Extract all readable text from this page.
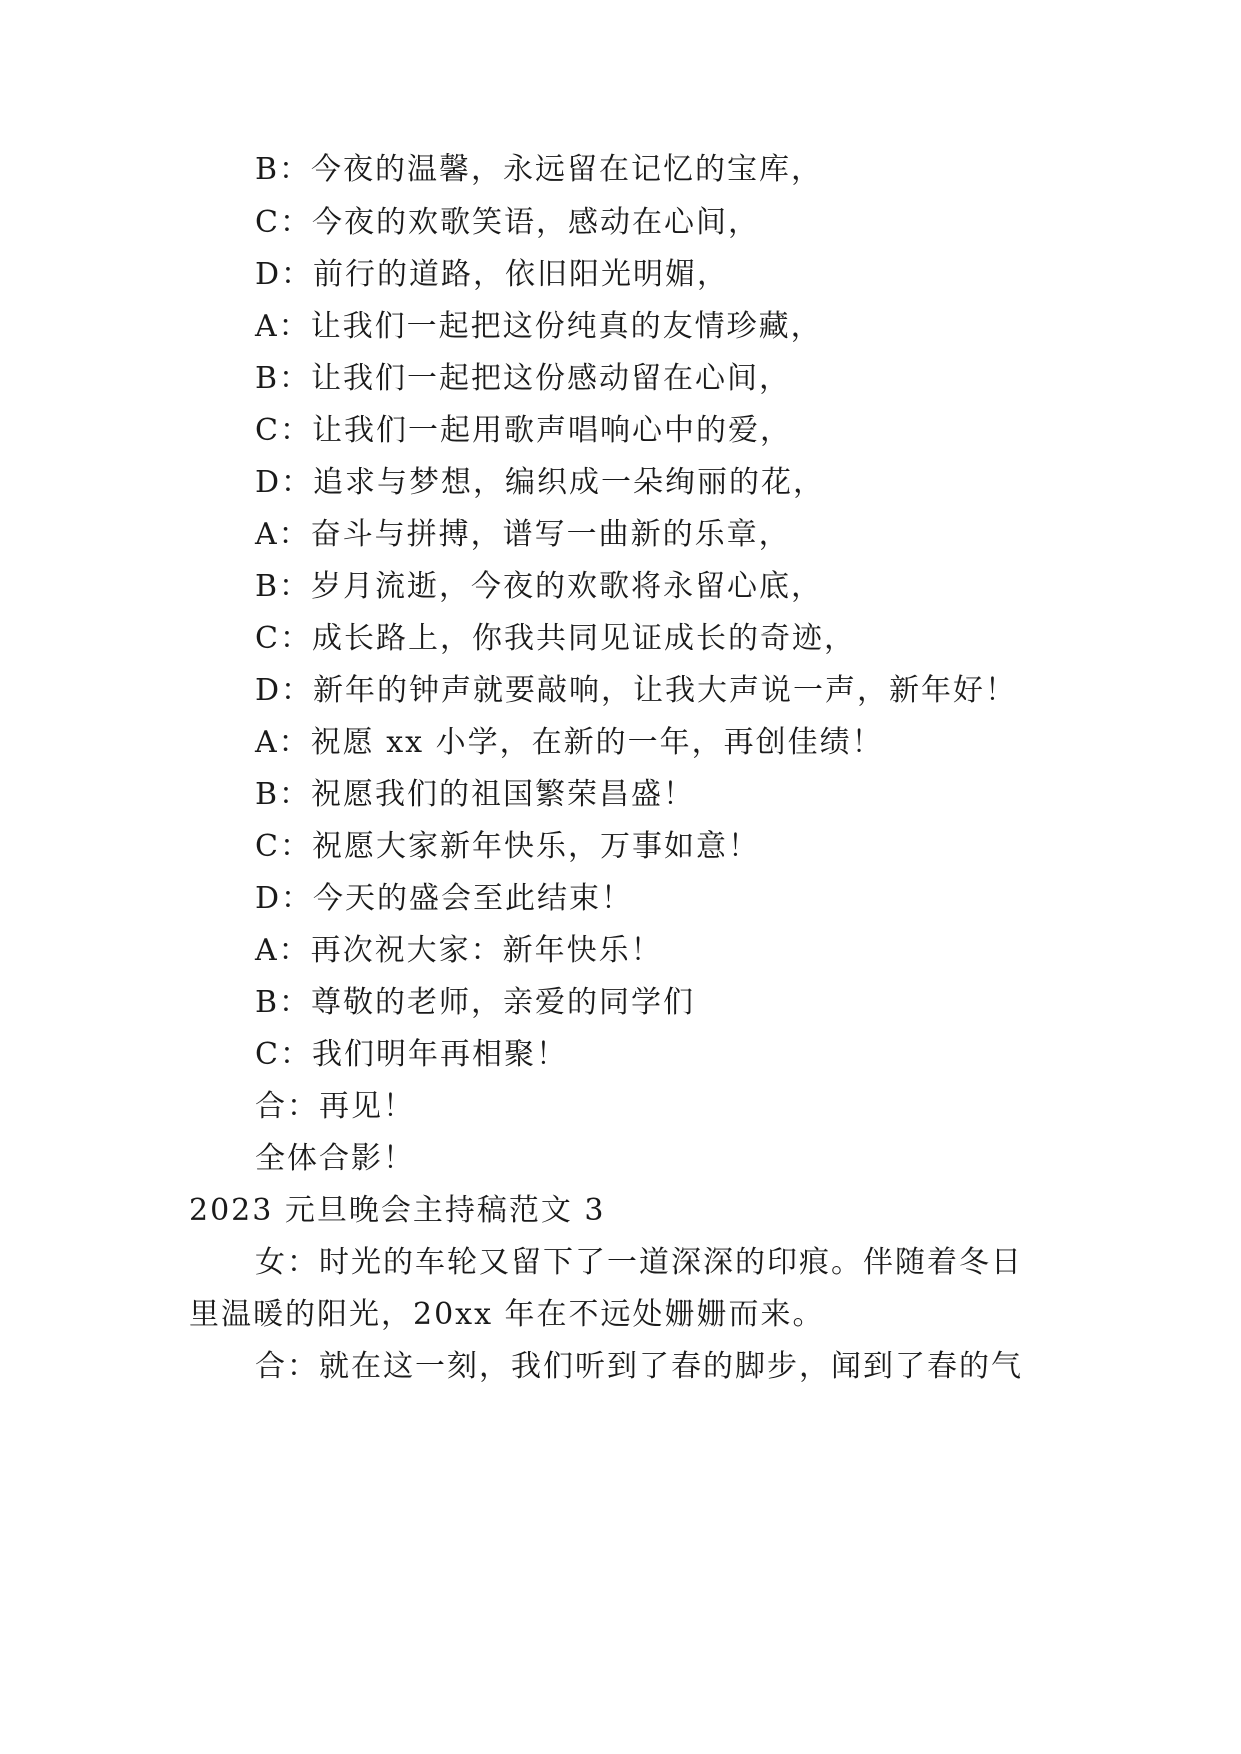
B：今夜的温馨，永远留在记忆的宝库，
C：今夜的欢歌笑语，感动在心间，
D：前行的道路，依旧阳光明媚，
A：让我们一起把这份纯真的友情珍藏，
B：让我们一起把这份感动留在心间，
C：让我们一起用歌声唱响心中的爱，
D：追求与梦想，编织成一朵绚丽的花，
A：奋斗与拼搏，谱写一曲新的乐章，
B：岁月流逝，今夜的欢歌将永留心底，
C：成长路上，你我共同见证成长的奇迹，
D：新年的钟声就要敲响，让我大声说一声，新年好！
A：祝愿 xx 小学，在新的一年，再创佳绩！
B：祝愿我们的祖国繁荣昌盛！
C：祝愿大家新年快乐，万事如意！
D：今天的盛会至此结束！
A：再次祝大家：新年快乐！
B：尊敬的老师，亲爱的同学们
C：我们明年再相聚！
合：再见！
全体合影！
2023 元旦晚会主持稿范文 3
女：时光的车轮又留下了一道深深的印痕。伴随着冬日
里温暖的阳光，20xx 年在不远处姗姗而来。
合：就在这一刻，我们听到了春的脚步，闻到了春的气
